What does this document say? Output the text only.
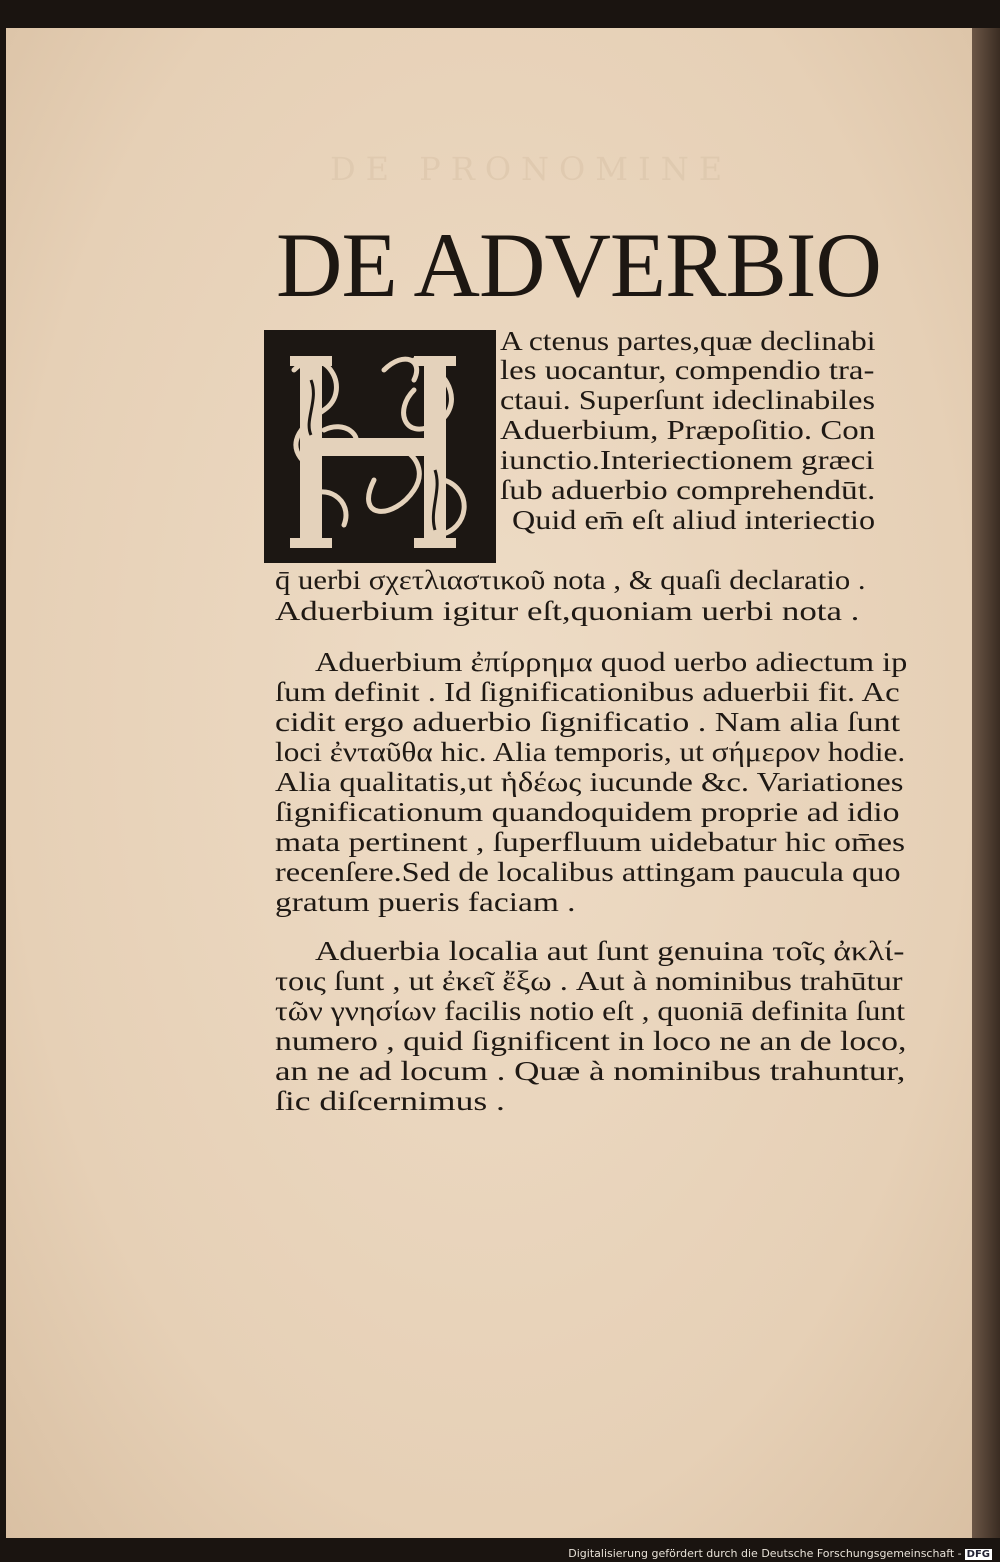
DE PRONOMINE
DE ADVERBIO
A ctenus partes,quæ declinabi
les uocantur, compendio tra-
ctaui. Superſunt ideclinabiles
Aduerbium, Præpoſitio. Con
iunctio.Interiectionem græci
ſub aduerbio comprehendūt.
Quid em̄ eſt aliud interiectio
q̄ uerbi σχετλιαστικοῦ nota , & quaſi declaratio .
Aduerbium igitur eſt,quoniam uerbi nota .
Aduerbium ἐπίρρημα quod uerbo adiectum ip
ſum definit . Id ſignificationibus aduerbii fit. Ac
cidit ergo aduerbio ſignificatio . Nam alia ſunt
loci ἐνταῦθα hic. Alia temporis, ut σήμερον hodie.
Alia qualitatis,ut ἡδέως iucunde &c. Variationes
ſignificationum quandoquidem proprie ad idio
mata pertinent , ſuperfluum uidebatur hic om̄es
recenſere.Sed de localibus attingam paucula quo
gratum pueris faciam .
Aduerbia localia aut ſunt genuina τοῖς ἀκλί-
τοις ſunt , ut ἐκεῖ ἔξω . Aut à nominibus trahūtur
τῶν γνησίων facilis notio eſt , quoniā definita ſunt
numero , quid ſignificent in loco ne an de loco,
an ne ad locum . Quæ à nominibus trahuntur,
ſic diſcernimus .
Digitalisierung gefördert durch die Deutsche Forschungsgemeinschaft - DFG
